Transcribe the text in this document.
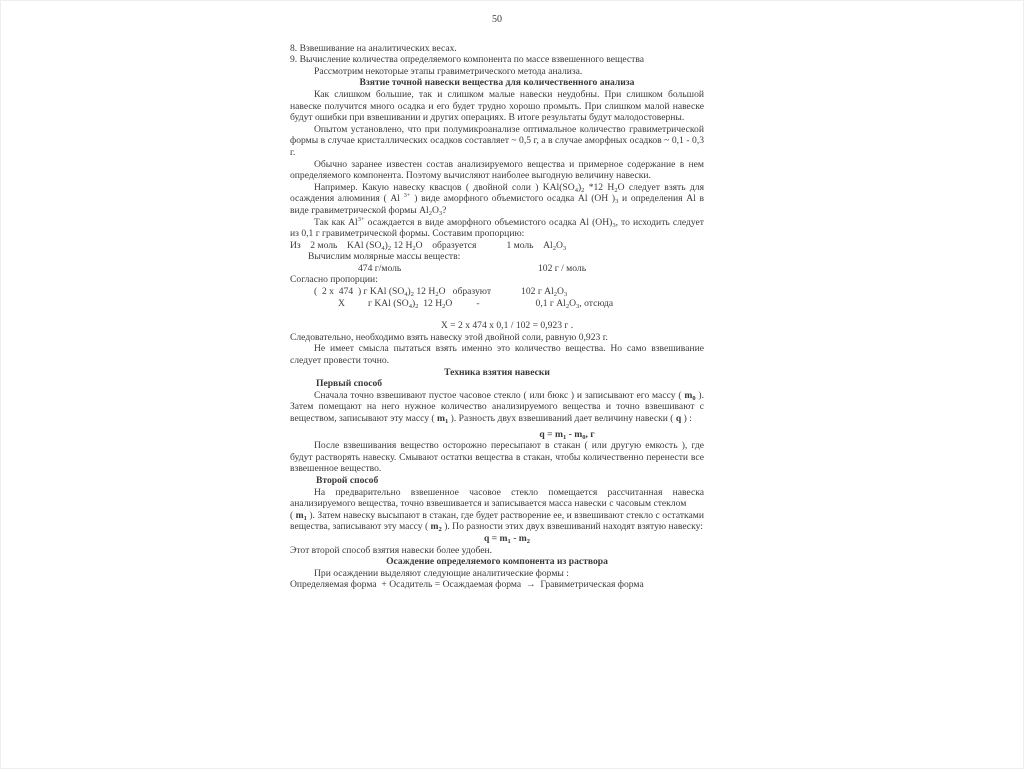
50
8. Взвешивание на аналитических весах.
9. Вычисление количества определяемого компонента по массе взвешенного вещества
Рассмотрим некоторые этапы гравиметрического метода анализа.
Взятие точной навески вещества для количественного анализа
Как слишком большие, так и слишком малые навески неудобны. При слишком большой навеске получится много осадка и его будет трудно хорошо промыть. При слишком малой навеске будут ошибки при взвешивании и других операциях. В итоге результаты будут малодостоверны.
Опытом установлено, что при полумикроанализе оптимальное количество гравиметрической формы в случае кристаллических осадков составляет ~ 0,5 г, а в случае аморфных осадков ~ 0,1 - 0,3 г.
Обычно заранее известен состав анализируемого вещества и примерное содержание в нем определяемого компонента. Поэтому вычисляют наиболее выгодную величину навески.
Например. Какую навеску квасцов ( двойной соли ) $KAl(SO_4)_2$ *12 $H_2O$ следует взять для осаждения алюминия ( Al $^{3+}$ ) виде аморфного объемистого осадка Al (OH )$_3$ и определения Al в виде гравиметрической формы $Al_2O_3$?
Так как $Al^{3+}$ осаждается в виде аморфного объемистого осадка Al $(OH)_3$, то исходить следует из 0,1 г гравиметрической формы. Составим пропорцию:
Из    2 моль    KAl $(SO_4)_2$ 12 $H_2O$    образуется	1 моль    $Al_2O_3$
Вычислим молярные массы веществ:
474 г/моль	102 г / моль
Согласно пропорции:
(  2 x  474  ) г KAl $(SO_4)_2$ 12 $H_2O$   образуют	102 г $Al_2O_3$
X г KAl $(SO_4)_2$  12 $H_2O$	-	0,1 г $Al_2O_3$, отсюда
X = 2 x 474 x 0,1 / 102 = 0,923 г .
Следовательно, необходимо взять навеску этой двойной соли, равную 0,923 г.
Не имеет смысла пытаться взять именно это количество вещества. Но само взвешивание следует провести точно.
Техника взятия навески
Первый способ
Сначала точно взвешивают пустое часовое стекло ( или бюкс ) и записывают его массу ( $m_0$ ). Затем помещают на него нужное количество анализируемого вещества и точно взвешивают с веществом, записывают эту массу ( $m_1$ ). Разность двух взвешиваний дает величину навески ( q ) :
$q = m_1 - m_0$, г
После взвешивания вещество осторожно пересыпают в стакан ( или другую емкость ), где будут растворять навеску. Смывают остатки вещества в стакан, чтобы количественно перенести все взвешенное вещество.
Второй способ
На предварительно взвешенное часовое стекло помещается рассчитанная навеска анализируемого вещества, точно взвешивается и записывается масса навески с часовым стеклом
( $m_1$ ). Затем навеску высыпают в стакан, где будет растворение ее, и взвешивают стекло с остатками вещества, записывают эту массу ( $m_2$ ). По разности этих двух взвешиваний находят взятую навеску:
$q = m_1 - m_2$
Этот второй способ взятия навески более удобен.
Осаждение определяемого компонента из раствора
При осаждении выделяют следующие аналитические формы :
Определяемая форма  + Осадитель = Осаждаемая форма  →  Гравиметрическая форма
